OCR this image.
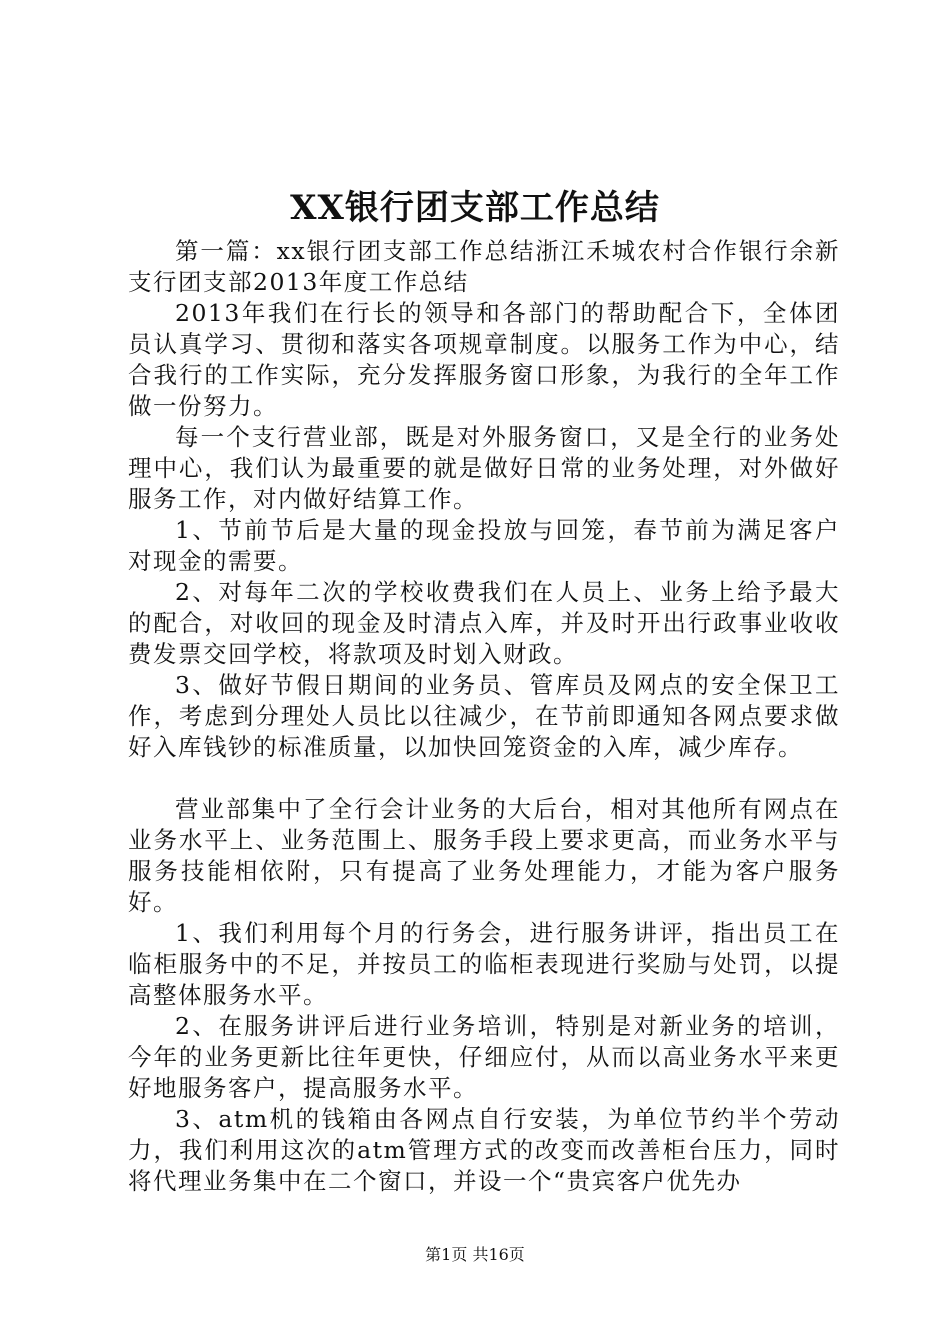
XX银行团支部工作总结

第一篇：xx银行团支部工作总结浙江禾城农村合作银行余新支行团支部2013年度工作总结

2013年我们在行长的领导和各部门的帮助配合下，全体团员认真学习、贯彻和落实各项规章制度。以服务工作为中心，结合我行的工作实际，充分发挥服务窗口形象，为我行的全年工作做一份努力。

每一个支行营业部，既是对外服务窗口，又是全行的业务处理中心，我们认为最重要的就是做好日常的业务处理，对外做好服务工作，对内做好结算工作。

1、节前节后是大量的现金投放与回笼，春节前为满足客户对现金的需要。

2、对每年二次的学校收费我们在人员上、业务上给予最大的配合，对收回的现金及时清点入库，并及时开出行政事业收收费发票交回学校，将款项及时划入财政。

3、做好节假日期间的业务员、管库员及网点的安全保卫工作，考虑到分理处人员比以往减少，在节前即通知各网点要求做好入库钱钞的标准质量，以加快回笼资金的入库，减少库存。

营业部集中了全行会计业务的大后台，相对其他所有网点在业务水平上、业务范围上、服务手段上要求更高，而业务水平与服务技能相依附，只有提高了业务处理能力，才能为客户服务好。

1、我们利用每个月的行务会，进行服务讲评，指出员工在临柜服务中的不足，并按员工的临柜表现进行奖励与处罚，以提高整体服务水平。

2、在服务讲评后进行业务培训，特别是对新业务的培训，今年的业务更新比往年更快，仔细应付，从而以高业务水平来更好地服务客户，提高服务水平。

3、atm机的钱箱由各网点自行安装，为单位节约半个劳动力，我们利用这次的atm管理方式的改变而改善柜台压力，同时将代理业务集中在二个窗口，并设一个“贵宾客户优先办

第1页 共16页
